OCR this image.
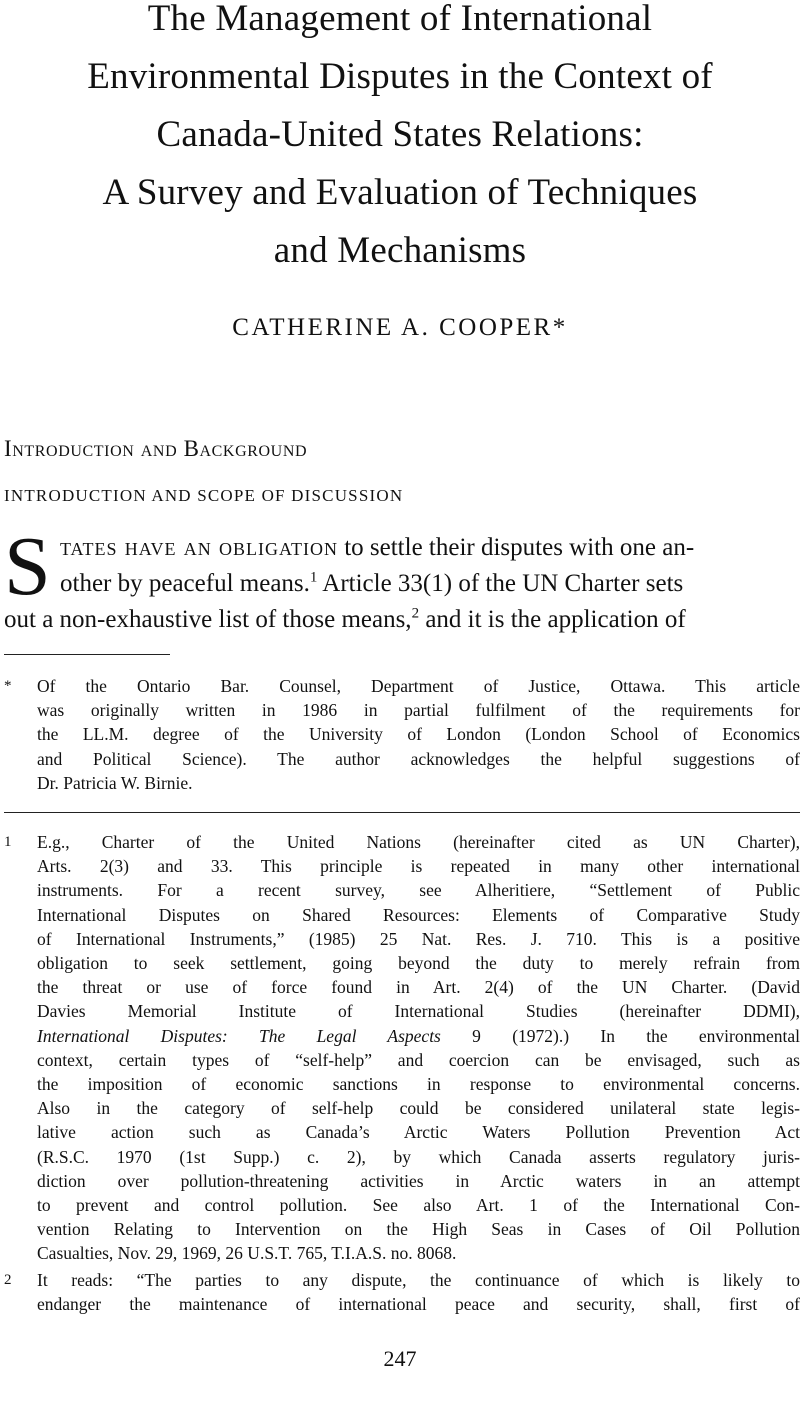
The Management of International
Environmental Disputes in the Context of
Canada-United States Relations:
A Survey and Evaluation of Techniques
and Mechanisms
CATHERINE A. COOPER*
Introduction and Background
INTRODUCTION AND SCOPE OF DISCUSSION
S tates have an obligation to settle their disputes with one an-
other by peaceful means.$^1$ Article 33(1) of the UN Charter sets
out a non-exhaustive list of those means,$^2$ and it is the application of
*	Of the Ontario Bar. Counsel, Department of Justice, Ottawa. This article
was originally written in 1986 in partial fulfilment of the requirements for
the LL.M. degree of the University of London (London School of Economics
and Political Science). The author acknowledges the helpful suggestions of
Dr. Patricia W. Birnie.
1	E.g., Charter of the United Nations (hereinafter cited as UN Charter),
Arts. 2(3) and 33. This principle is repeated in many other international
instruments. For a recent survey, see Alheritiere, “Settlement of Public
International Disputes on Shared Resources: Elements of Comparative Study
of International Instruments,” (1985) 25 Nat. Res. J. 710. This is a positive
obligation to seek settlement, going beyond the duty to merely refrain from
the threat or use of force found in Art. 2(4) of the UN Charter. (David
Davies Memorial Institute of International Studies (hereinafter DDMI),
International Disputes: The Legal Aspects 9 (1972).) In the environmental
context, certain types of “self-help” and coercion can be envisaged, such as
the imposition of economic sanctions in response to environmental concerns.
Also in the category of self-help could be considered unilateral state legis-
lative action such as Canada’s Arctic Waters Pollution Prevention Act
(R.S.C. 1970 (1st Supp.) c. 2), by which Canada asserts regulatory juris-
diction over pollution-threatening activities in Arctic waters in an attempt
to prevent and control pollution. See also Art. 1 of the International Con-
vention Relating to Intervention on the High Seas in Cases of Oil Pollution
Casualties, Nov. 29, 1969, 26 U.S.T. 765, T.I.A.S. no. 8068.
2	It reads: “The parties to any dispute, the continuance of which is likely to
endanger the maintenance of international peace and security, shall, first of
247
